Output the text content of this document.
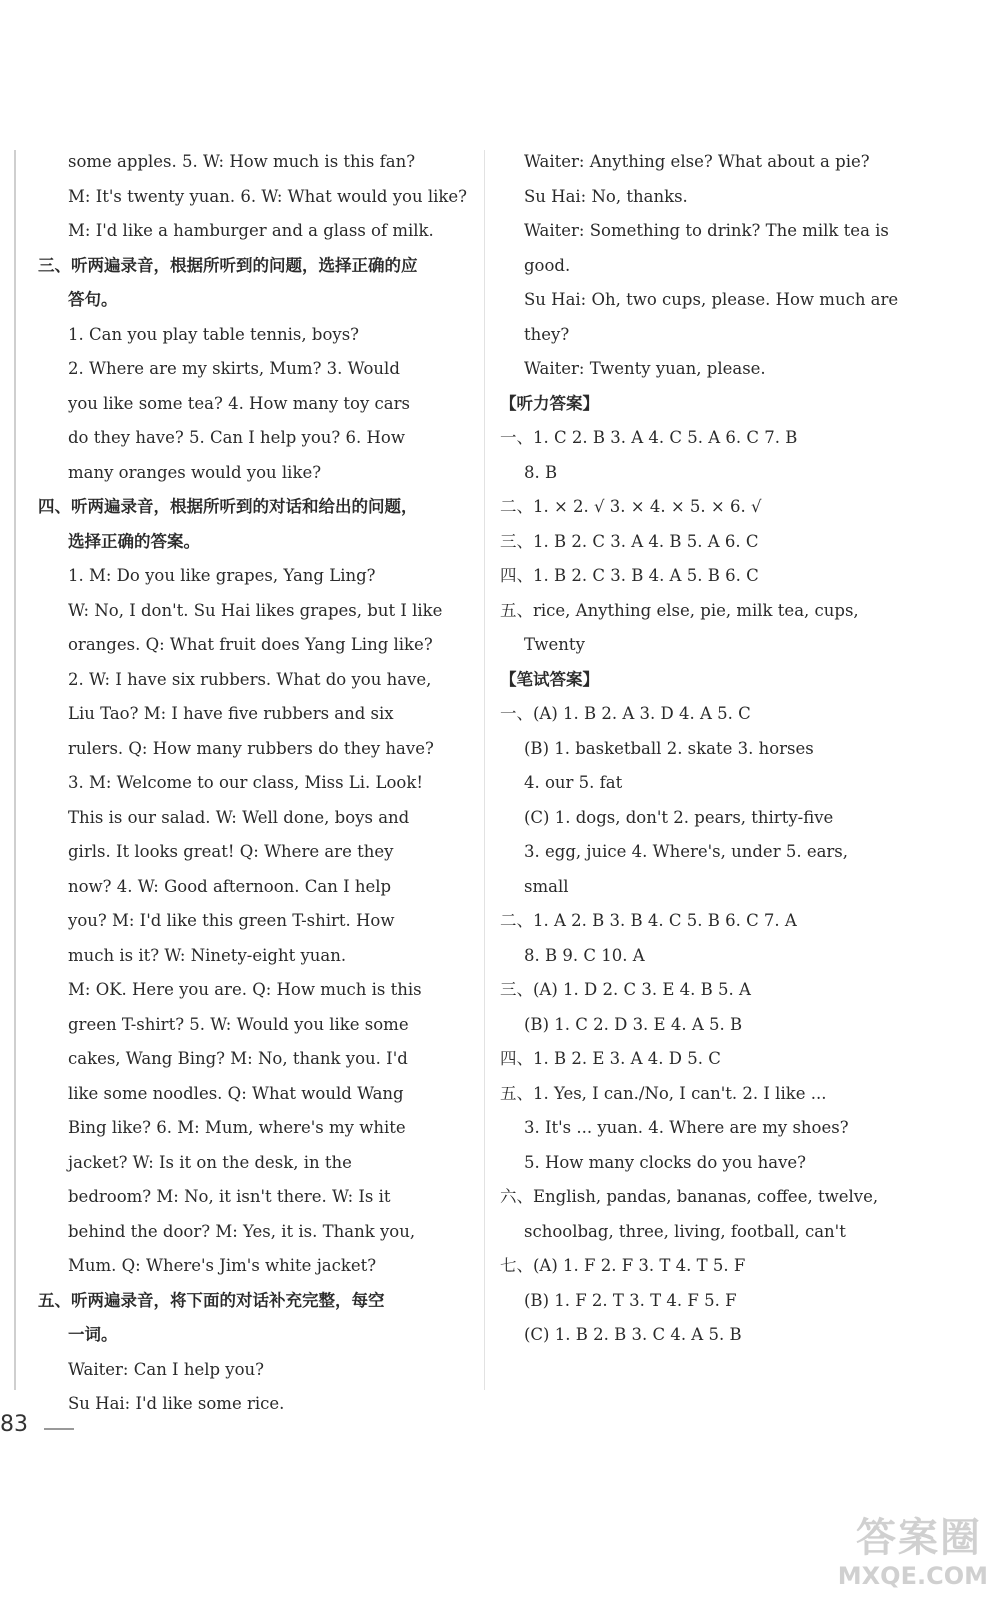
some apples. 5. W: How much is this fan?
M: It's twenty yuan. 6. W: What would you like?
M: I'd like a hamburger and a glass of milk.
三、听两遍录音，根据所听到的问题，选择正确的应
答句。
1. Can you play table tennis, boys?
2. Where are my skirts, Mum? 3. Would
you like some tea? 4. How many toy cars
do they have? 5. Can I help you? 6. How
many oranges would you like?
四、听两遍录音，根据所听到的对话和给出的问题，
选择正确的答案。
1. M: Do you like grapes, Yang Ling?
W: No, I don't. Su Hai likes grapes, but I like
oranges. Q: What fruit does Yang Ling like?
2. W: I have six rubbers. What do you have,
Liu Tao? M: I have five rubbers and six
rulers. Q: How many rubbers do they have?
3. M: Welcome to our class, Miss Li. Look!
This is our salad. W: Well done, boys and
girls. It looks great! Q: Where are they
now? 4. W: Good afternoon. Can I help
you? M: I'd like this green T-shirt. How
much is it? W: Ninety-eight yuan.
M: OK. Here you are. Q: How much is this
green T-shirt? 5. W: Would you like some
cakes, Wang Bing? M: No, thank you. I'd
like some noodles. Q: What would Wang
Bing like? 6. M: Mum, where's my white
jacket? W: Is it on the desk, in the
bedroom? M: No, it isn't there. W: Is it
behind the door? M: Yes, it is. Thank you,
Mum. Q: Where's Jim's white jacket?
五、听两遍录音，将下面的对话补充完整，每空
一词。
Waiter: Can I help you?
Su Hai: I'd like some rice.
Waiter: Anything else? What about a pie?
Su Hai: No, thanks.
Waiter: Something to drink? The milk tea is
good.
Su Hai: Oh, two cups, please. How much are
they?
Waiter: Twenty yuan, please.
【听力答案】
一、1. C 2. B 3. A 4. C 5. A 6. C 7. B
8. B
二、1. × 2. √ 3. × 4. × 5. × 6. √
三、1. B 2. C 3. A 4. B 5. A 6. C
四、1. B 2. C 3. B 4. A 5. B 6. C
五、rice, Anything else, pie, milk tea, cups,
Twenty
【笔试答案】
一、(A) 1. B 2. A 3. D 4. A 5. C
(B) 1. basketball 2. skate 3. horses
4. our 5. fat
(C) 1. dogs, don't 2. pears, thirty-five
3. egg, juice 4. Where's, under 5. ears,
small
二、1. A 2. B 3. B 4. C 5. B 6. C 7. A
8. B 9. C 10. A
三、(A) 1. D 2. C 3. E 4. B 5. A
(B) 1. C 2. D 3. E 4. A 5. B
四、1. B 2. E 3. A 4. D 5. C
五、1. Yes, I can./No, I can't. 2. I like ...
3. It's ... yuan. 4. Where are my shoes?
5. How many clocks do you have?
六、English, pandas, bananas, coffee, twelve,
schoolbag, three, living, football, can't
七、(A) 1. F 2. F 3. T 4. T 5. F
(B) 1. F 2. T 3. T 4. F 5. F
(C) 1. B 2. B 3. C 4. A 5. B
83
答案圈
MXQE.COM
